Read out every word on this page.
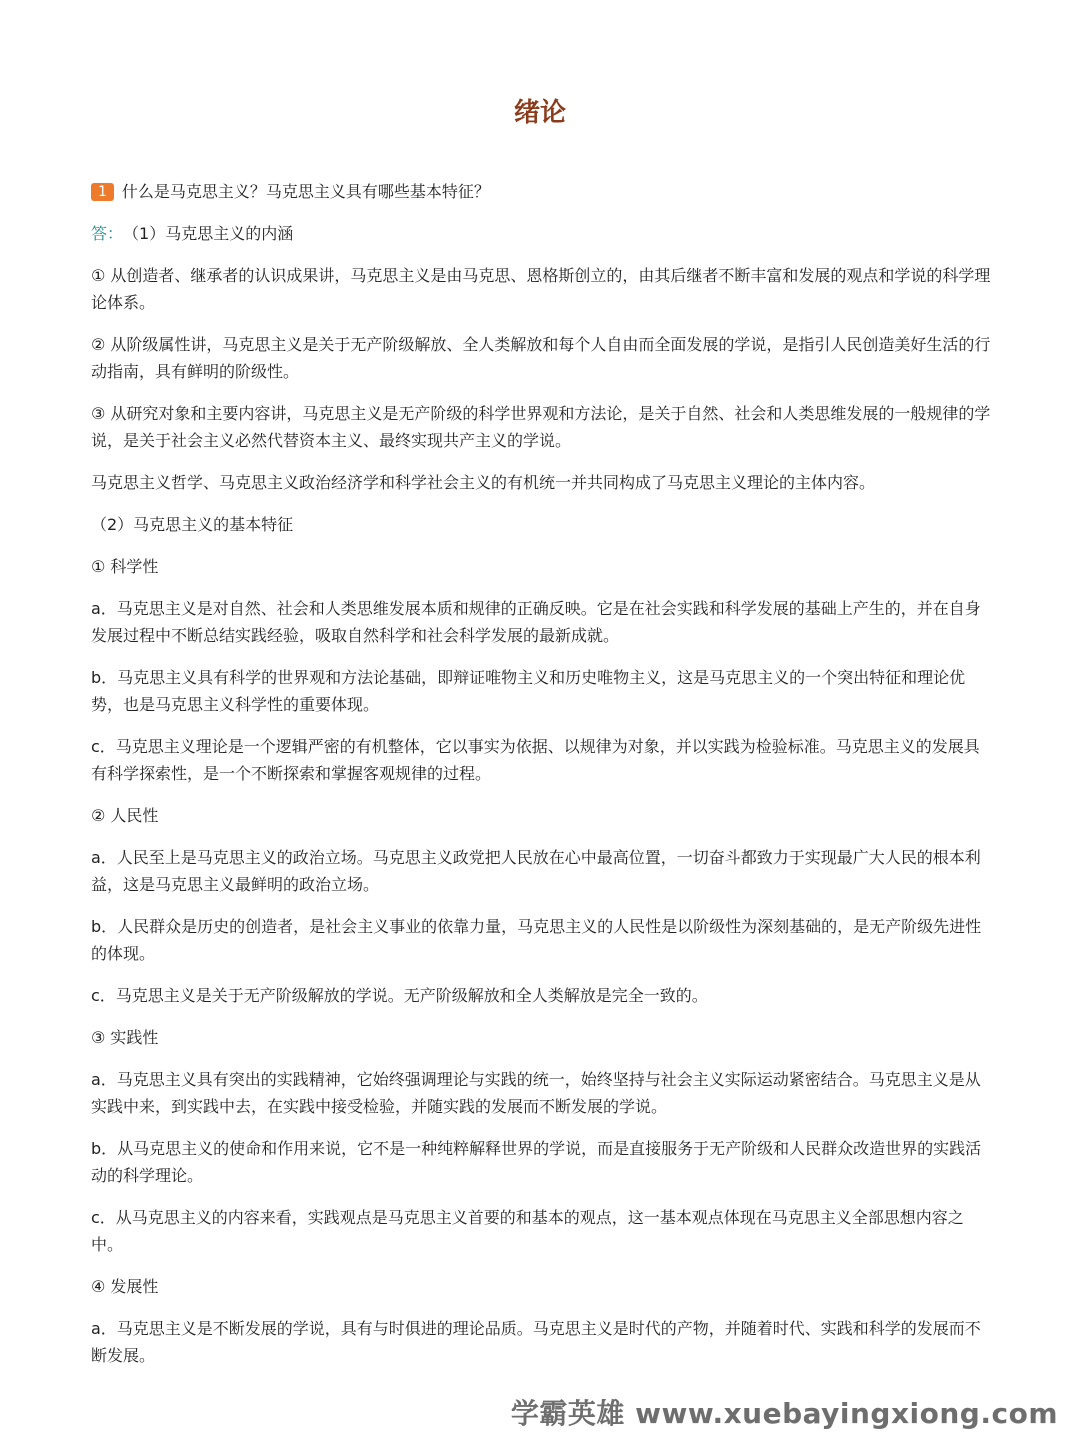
绪论
1 什么是马克思主义？马克思主义具有哪些基本特征？
答： （1）马克思主义的内涵

① 从创造者、继承者的认识成果讲，马克思主义是由马克思、恩格斯创立的，由其后继者不断丰富和发展的观点和学说的科学理论体系。

② 从阶级属性讲，马克思主义是关于无产阶级解放、全人类解放和每个人自由而全面发展的学说，是指引人民创造美好生活的行动指南，具有鲜明的阶级性。

③ 从研究对象和主要内容讲，马克思主义是无产阶级的科学世界观和方法论，是关于自然、社会和人类思维发展的一般规律的学说，是关于社会主义必然代替资本主义、最终实现共产主义的学说。

马克思主义哲学、马克思主义政治经济学和科学社会主义的有机统一并共同构成了马克思主义理论的主体内容。

（2）马克思主义的基本特征

① 科学性

a．马克思主义是对自然、社会和人类思维发展本质和规律的正确反映。它是在社会实践和科学发展的基础上产生的，并在自身发展过程中不断总结实践经验，吸取自然科学和社会科学发展的最新成就。

b．马克思主义具有科学的世界观和方法论基础，即辩证唯物主义和历史唯物主义，这是马克思主义的一个突出特征和理论优势，也是马克思主义科学性的重要体现。

c．马克思主义理论是一个逻辑严密的有机整体，它以事实为依据、以规律为对象，并以实践为检验标准。马克思主义的发展具有科学探索性，是一个不断探索和掌握客观规律的过程。

② 人民性

a．人民至上是马克思主义的政治立场。马克思主义政党把人民放在心中最高位置，一切奋斗都致力于实现最广大人民的根本利益，这是马克思主义最鲜明的政治立场。

b．人民群众是历史的创造者，是社会主义事业的依靠力量，马克思主义的人民性是以阶级性为深刻基础的，是无产阶级先进性的体现。

c．马克思主义是关于无产阶级解放的学说。无产阶级解放和全人类解放是完全一致的。

③ 实践性

a．马克思主义具有突出的实践精神，它始终强调理论与实践的统一，始终坚持与社会主义实际运动紧密结合。马克思主义是从实践中来，到实践中去，在实践中接受检验，并随实践的发展而不断发展的学说。

b．从马克思主义的使命和作用来说，它不是一种纯粹解释世界的学说，而是直接服务于无产阶级和人民群众改造世界的实践活动的科学理论。

c．从马克思主义的内容来看，实践观点是马克思主义首要的和基本的观点，这一基本观点体现在马克思主义全部思想内容之中。

④ 发展性

a．马克思主义是不断发展的学说，具有与时俱进的理论品质。马克思主义是时代的产物，并随着时代、实践和科学的发展而不断发展。

学霸英雄 www.xuebayingxiong.com
